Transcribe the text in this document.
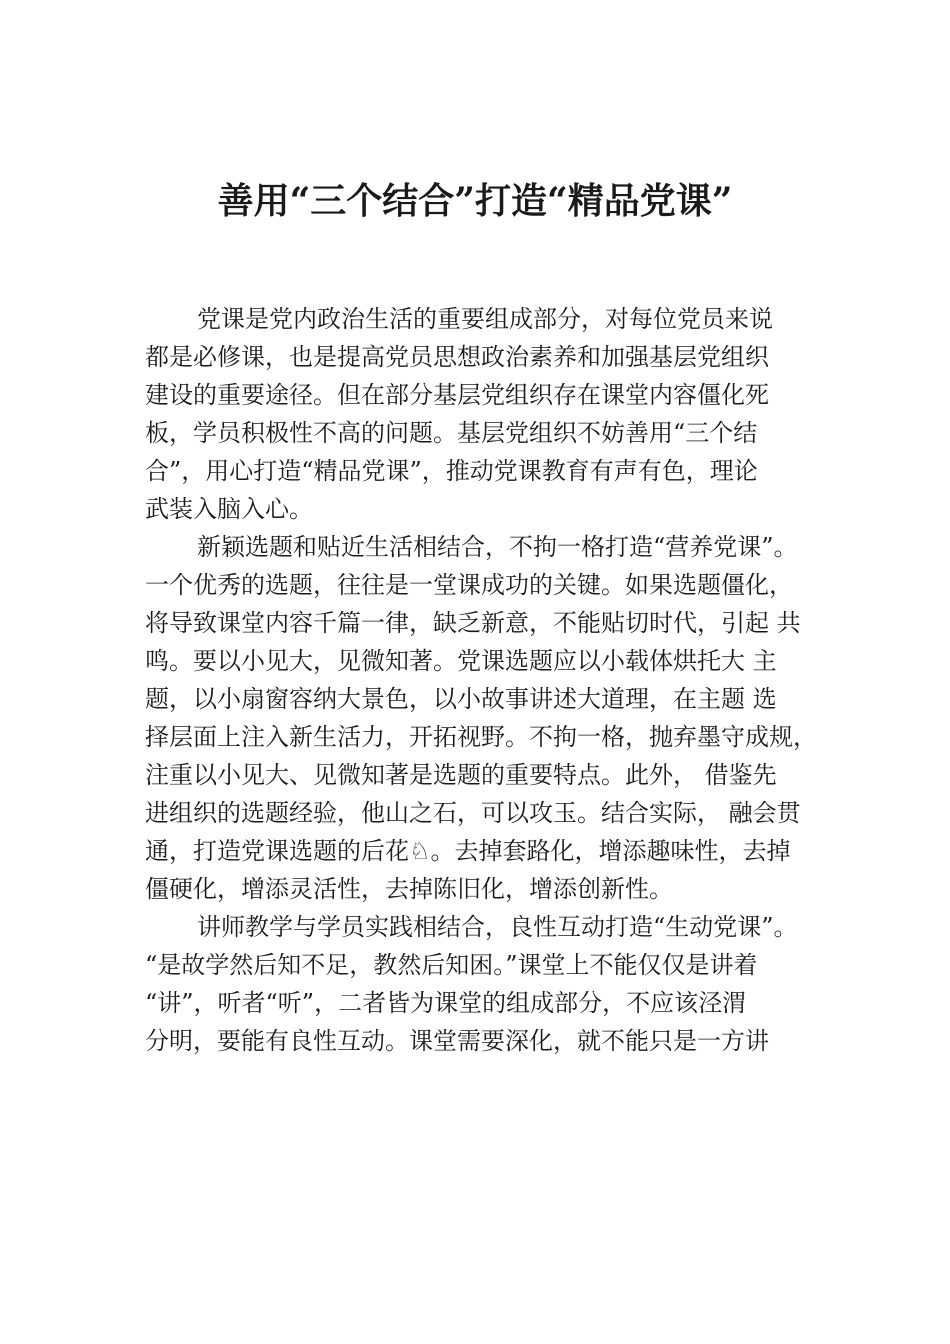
善用“三个结合”打造“精品党课”
党课是党内政治生活的重要组成部分，对每位党员来说
都是必修课，也是提高党员思想政治素养和加强基层党组织
建设的重要途径。但在部分基层党组织存在课堂内容僵化死
板，学员积极性不高的问题。基层党组织不妨善用“三个结
合”，用心打造“精品党课”，推动党课教育有声有色，理论
武装入脑入心。
新颖选题和贴近生活相结合，不拘一格打造“营养党课”。
一个优秀的选题，往往是一堂课成功的关键。如果选题僵化，
将导致课堂内容千篇一律，缺乏新意，不能贴切时代，引起 共
鸣。要以小见大，见微知著。党课选题应以小载体烘托大 主
题，以小扇窗容纳大景色，以小故事讲述大道理，在主题 选
择层面上注入新生活力，开拓视野。不拘一格，抛弃墨守成规，
注重以小见大、见微知著是选题的重要特点。此外， 借鉴先
进组织的选题经验，他山之石，可以攻玉。结合实际， 融会贯
通，打造党课选题的后花♘。去掉套路化，增添趣味性，去掉
僵硬化，增添灵活性，去掉陈旧化，增添创新性。
讲师教学与学员实践相结合，良性互动打造“生动党课”。
“是故学然后知不足，教然后知困。”课堂上不能仅仅是讲着
“讲”，听者“听”，二者皆为课堂的组成部分，不应该泾渭
分明，要能有良性互动。课堂需要深化，就不能只是一方讲
